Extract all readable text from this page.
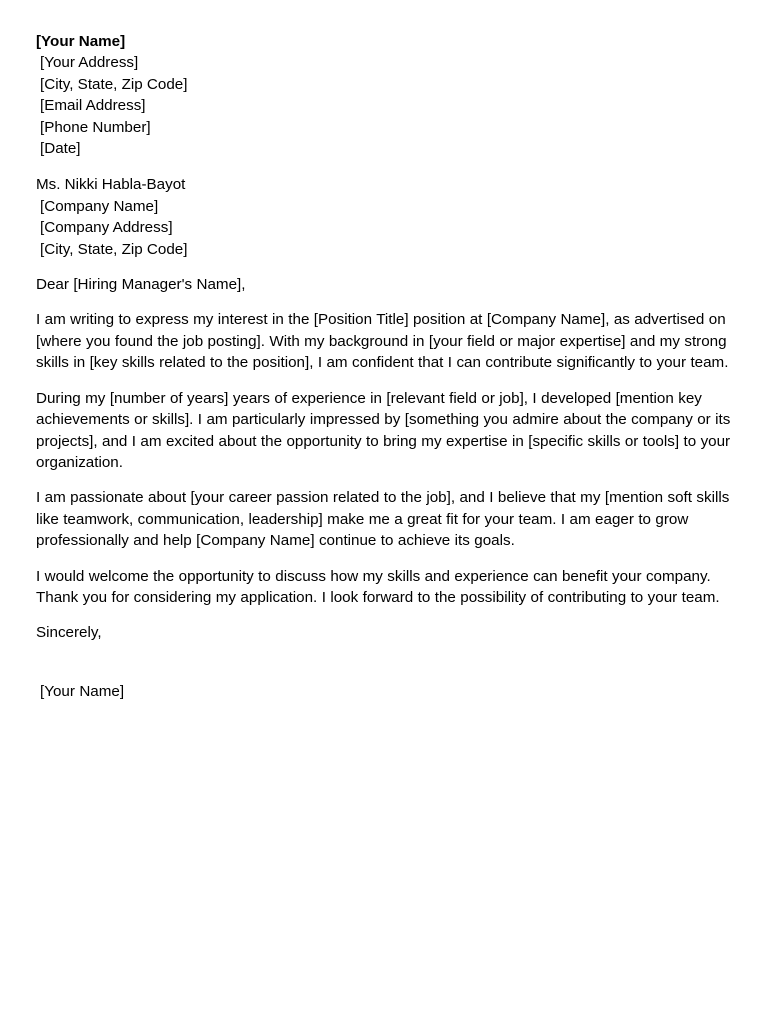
[Your Name]
[Your Address]
[City, State, Zip Code]
[Email Address]
[Phone Number]
[Date]
Ms. Nikki Habla-Bayot
[Company Name]
[Company Address]
[City, State, Zip Code]

Dear [Hiring Manager's Name],

I am writing to express my interest in the [Position Title] position at [Company Name], as advertised on [where you found the job posting]. With my background in [your field or major expertise] and my strong skills in [key skills related to the position], I am confident that I can contribute significantly to your team.

During my [number of years] years of experience in [relevant field or job], I developed [mention key achievements or skills]. I am particularly impressed by [something you admire about the company or its projects], and I am excited about the opportunity to bring my expertise in [specific skills or tools] to your organization.

I am passionate about [your career passion related to the job], and I believe that my [mention soft skills like teamwork, communication, leadership] make me a great fit for your team. I am eager to grow professionally and help [Company Name] continue to achieve its goals.

I would welcome the opportunity to discuss how my skills and experience can benefit your company. Thank you for considering my application. I look forward to the possibility of contributing to your team.

Sincerely,

[Your Name]
